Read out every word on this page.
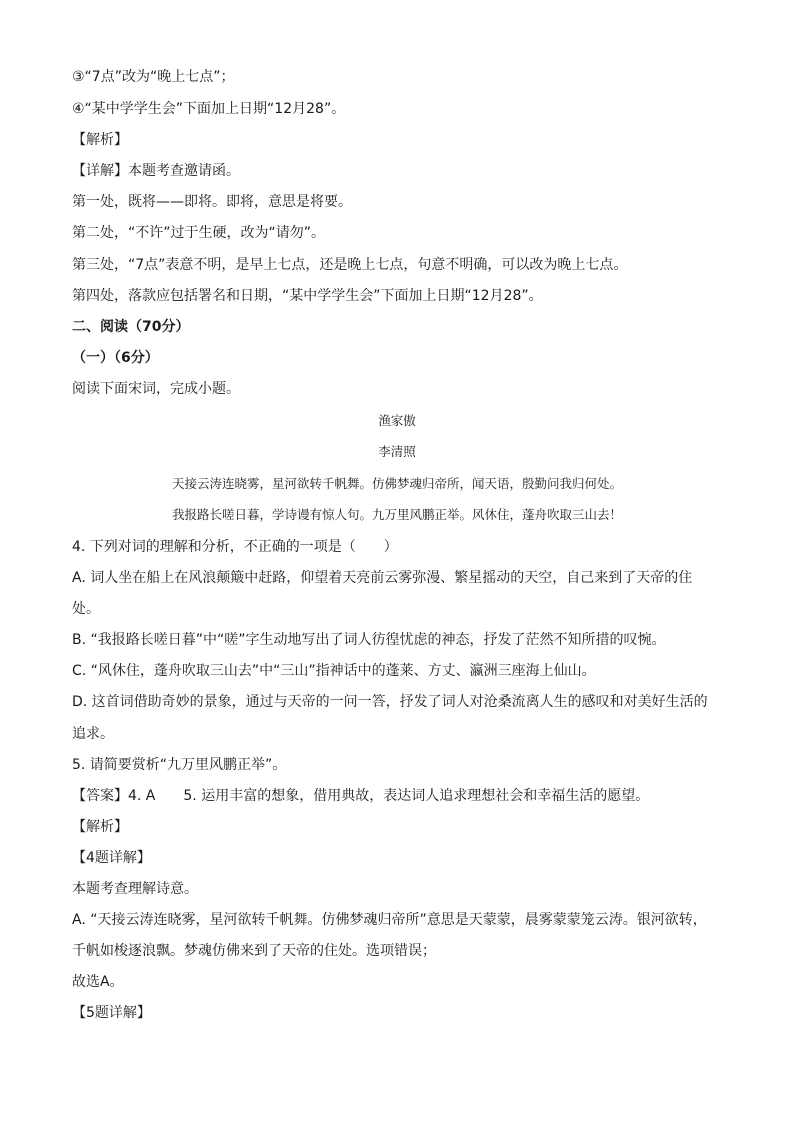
③“7点”改为“晚上七点”；
④“某中学学生会”下面加上日期“12月28”。
【解析】
【详解】本题考查邀请函。
第一处，既将——即将。即将，意思是将要。
第二处，“不许”过于生硬，改为“请勿”。
第三处，“7点”表意不明，是早上七点，还是晚上七点，句意不明确，可以改为晚上七点。
第四处，落款应包括署名和日期，“某中学学生会”下面加上日期“12月28”。
二、阅读（70分）
（一）（6分）
阅读下面宋词，完成小题。
渔家傲
李清照
天接云涛连晓雾，星河欲转千帆舞。仿佛梦魂归帝所，闻天语，殷勤问我归何处。
我报路长嗟日暮，学诗谩有惊人句。九万里风鹏正举。风休住，蓬舟吹取三山去！
4. 下列对词的理解和分析，不正确的一项是（　　）
A. 词人坐在船上在风浪颠簸中赶路，仰望着天亮前云雾弥漫、繁星摇动的天空，自己来到了天帝的住
处。
B. “我报路长嗟日暮”中“嗟”字生动地写出了词人彷徨忧虑的神态，抒发了茫然不知所措的叹惋。
C. “风休住，蓬舟吹取三山去”中“三山”指神话中的蓬莱、方丈、瀛洲三座海上仙山。
D. 这首词借助奇妙的景象，通过与天帝的一问一答，抒发了词人对沧桑流离人生的感叹和对美好生活的
追求。
5. 请简要赏析“九万里风鹏正举”。
【答案】4. A　　5. 运用丰富的想象，借用典故，表达词人追求理想社会和幸福生活的愿望。
【解析】
【4题详解】
本题考查理解诗意。
A. “天接云涛连晓雾，星河欲转千帆舞。仿佛梦魂归帝所”意思是天蒙蒙，晨雾蒙蒙笼云涛。银河欲转，
千帆如梭逐浪飘。梦魂仿佛来到了天帝的住处。选项错误；
故选A。
【5题详解】
